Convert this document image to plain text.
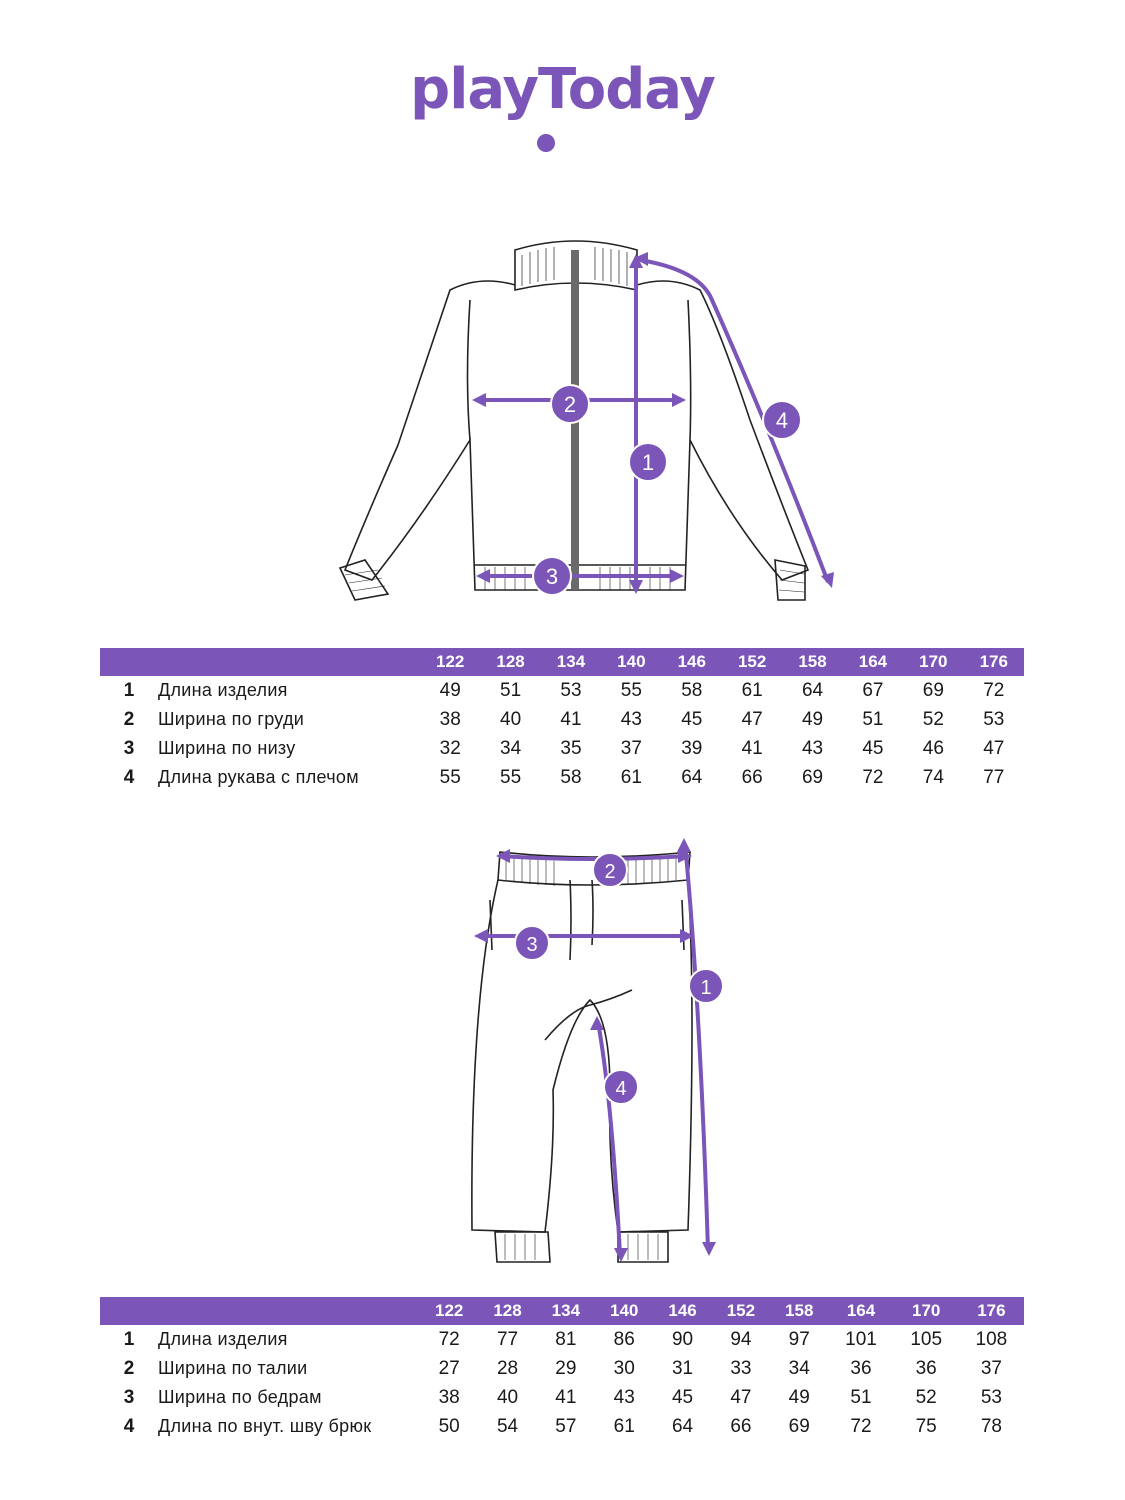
playToday
1
2
3
4
		122	128	134	140	146	152	158	164	170	176
1	Длина изделия	49	51	53	55	58	61	64	67	69	72
2	Ширина по груди	38	40	41	43	45	47	49	51	52	53
3	Ширина по низу	32	34	35	37	39	41	43	45	46	47
4	Длина рукава с плечом	55	55	58	61	64	66	69	72	74	77
1
2
3
4
		122	128	134	140	146	152	158	164	170	176
1	Длина изделия	72	77	81	86	90	94	97	101	105	108
2	Ширина по талии	27	28	29	30	31	33	34	36	36	37
3	Ширина по бедрам	38	40	41	43	45	47	49	51	52	53
4	Длина по внут. шву брюк	50	54	57	61	64	66	69	72	75	78
